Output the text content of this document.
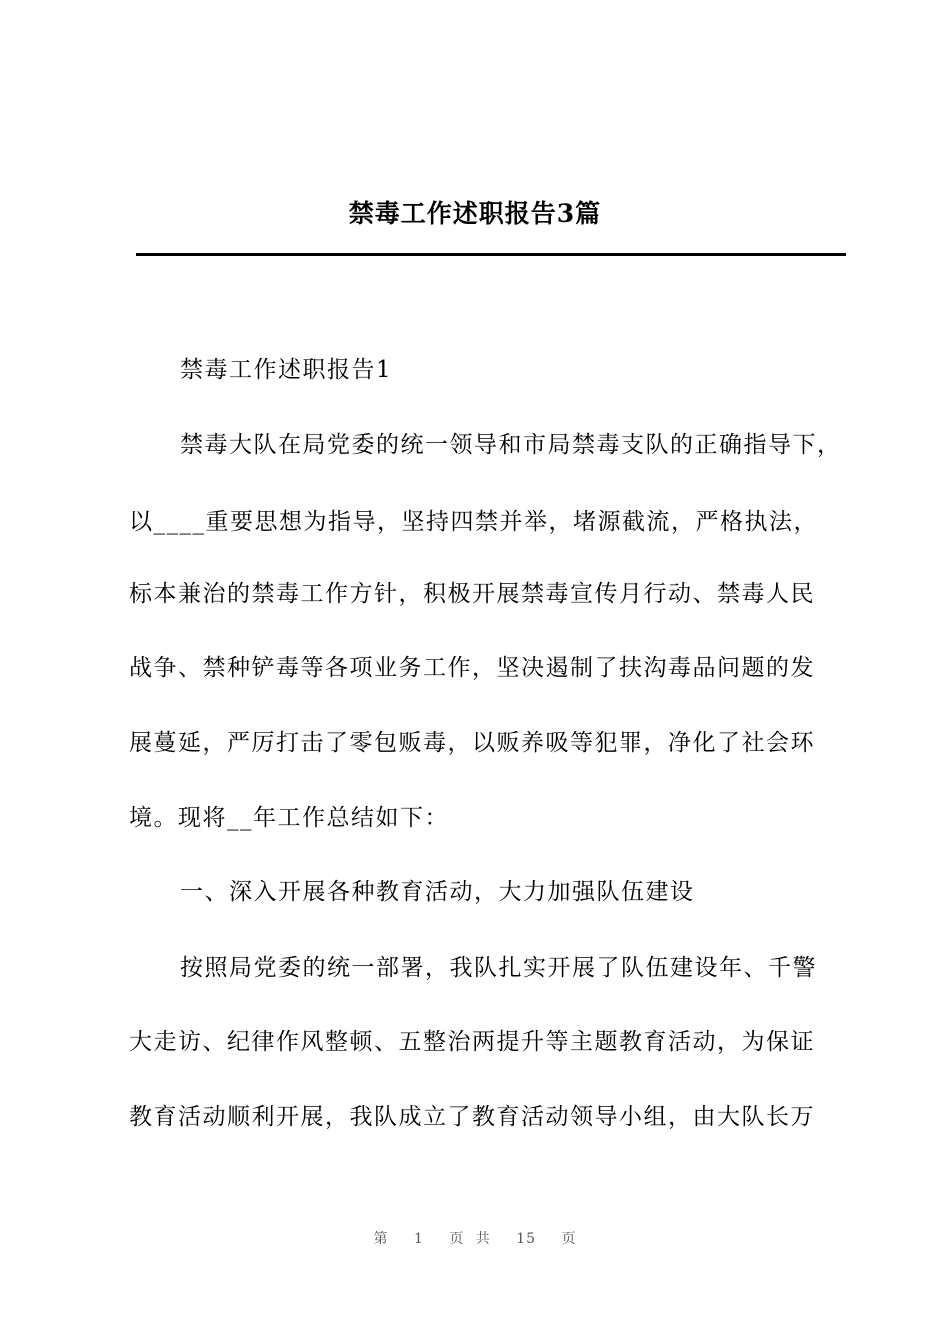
禁毒工作述职报告3篇
禁毒工作述职报告1
禁毒大队在局党委的统一领导和市局禁毒支队的正确指导下，
以____重要思想为指导，坚持四禁并举，堵源截流，严格执法，
标本兼治的禁毒工作方针，积极开展禁毒宣传月行动、禁毒人民
战争、禁种铲毒等各项业务工作，坚决遏制了扶沟毒品问题的发
展蔓延，严厉打击了零包贩毒，以贩养吸等犯罪，净化了社会环
境。现将__年工作总结如下：
一、深入开展各种教育活动，大力加强队伍建设
按照局党委的统一部署，我队扎实开展了队伍建设年、千警
大走访、纪律作风整顿、五整治两提升等主题教育活动，为保证
教育活动顺利开展，我队成立了教育活动领导小组，由大队长万
第 1 页 共 15 页
